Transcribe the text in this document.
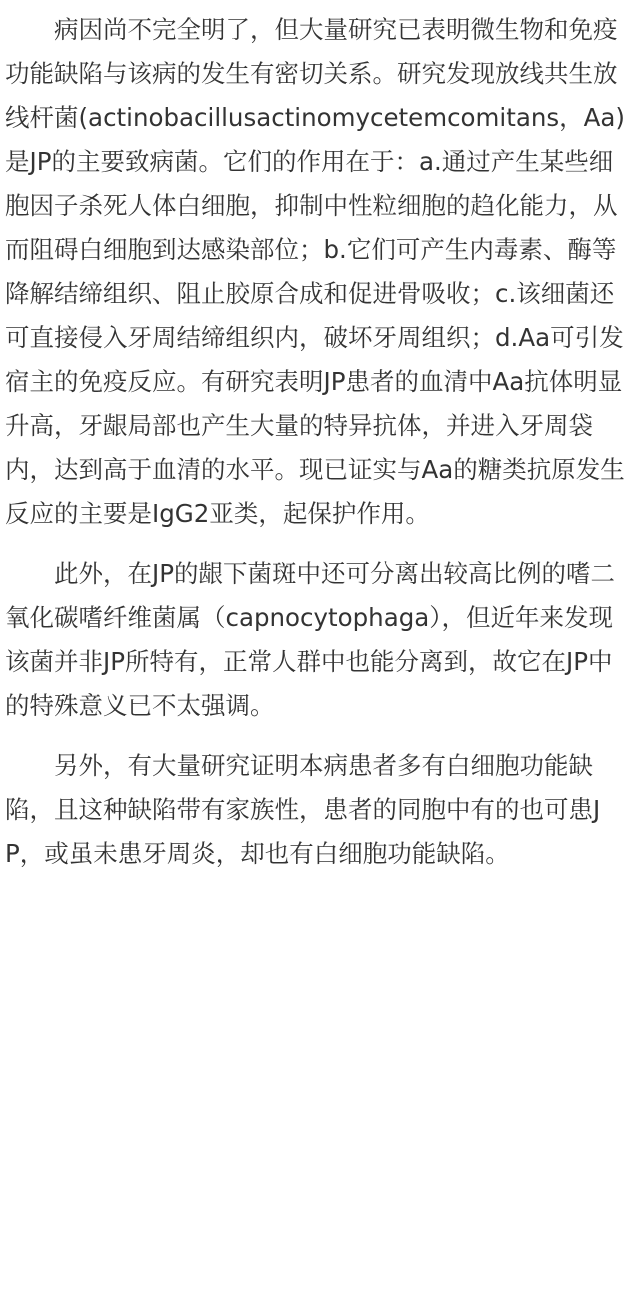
病因尚不完全明了，但大量研究已表明微生物和免疫功能缺陷与该病的发生有密切关系。研究发现放线共生放线杆菌(actinobacillusactinomycetemcomitans，Aa)是JP的主要致病菌。它们的作用在于：a.通过产生某些细胞因子杀死人体白细胞，抑制中性粒细胞的趋化能力，从而阻碍白细胞到达感染部位；b.它们可产生内毒素、酶等降解结缔组织、阻止胶原合成和促进骨吸收；c.该细菌还可直接侵入牙周结缔组织内，破坏牙周组织；d.Aa可引发宿主的免疫反应。有研究表明JP患者的血清中Aa抗体明显升高，牙龈局部也产生大量的特异抗体，并进入牙周袋内，达到高于血清的水平。现已证实与Aa的糖类抗原发生反应的主要是IgG2亚类，起保护作用。

此外，在JP的龈下菌斑中还可分离出较高比例的嗜二氧化碳嗜纤维菌属（capnocytophaga），但近年来发现该菌并非JP所特有，正常人群中也能分离到，故它在JP中的特殊意义已不太强调。

另外，有大量研究证明本病患者多有白细胞功能缺陷，且这种缺陷带有家族性，患者的同胞中有的也可患JP，或虽未患牙周炎，却也有白细胞功能缺陷。
